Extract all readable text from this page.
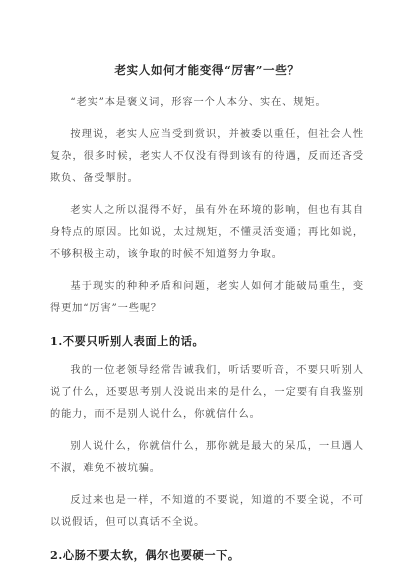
老实人如何才能变得“厉害”一些？

“老实”本是褒义词，形容一个人本分、实在、规矩。

按理说，老实人应当受到赏识，并被委以重任，但社会人性复杂，很多时候，老实人不仅没有得到该有的待遇，反而还吝受欺负、备受掣肘。

老实人之所以混得不好，虽有外在环境的影响，但也有其自身特点的原因。比如说，太过规矩，不懂灵活变通；再比如说，不够积极主动，该争取的时候不知道努力争取。

基于现实的种种矛盾和问题，老实人如何才能破局重生，变得更加“厉害”一些呢？

1.不要只听别人表面上的话。

我的一位老领导经常告诫我们，听话要听音，不要只听别人说了什么，还要思考别人没说出来的是什么，一定要有自我鉴别的能力，而不是别人说什么，你就信什么。

别人说什么，你就信什么，那你就是最大的呆瓜，一旦遇人不淑，难免不被坑骗。

反过来也是一样，不知道的不要说，知道的不要全说，不可以说假话，但可以真话不全说。

2.心肠不要太软，偶尔也要硬一下。
